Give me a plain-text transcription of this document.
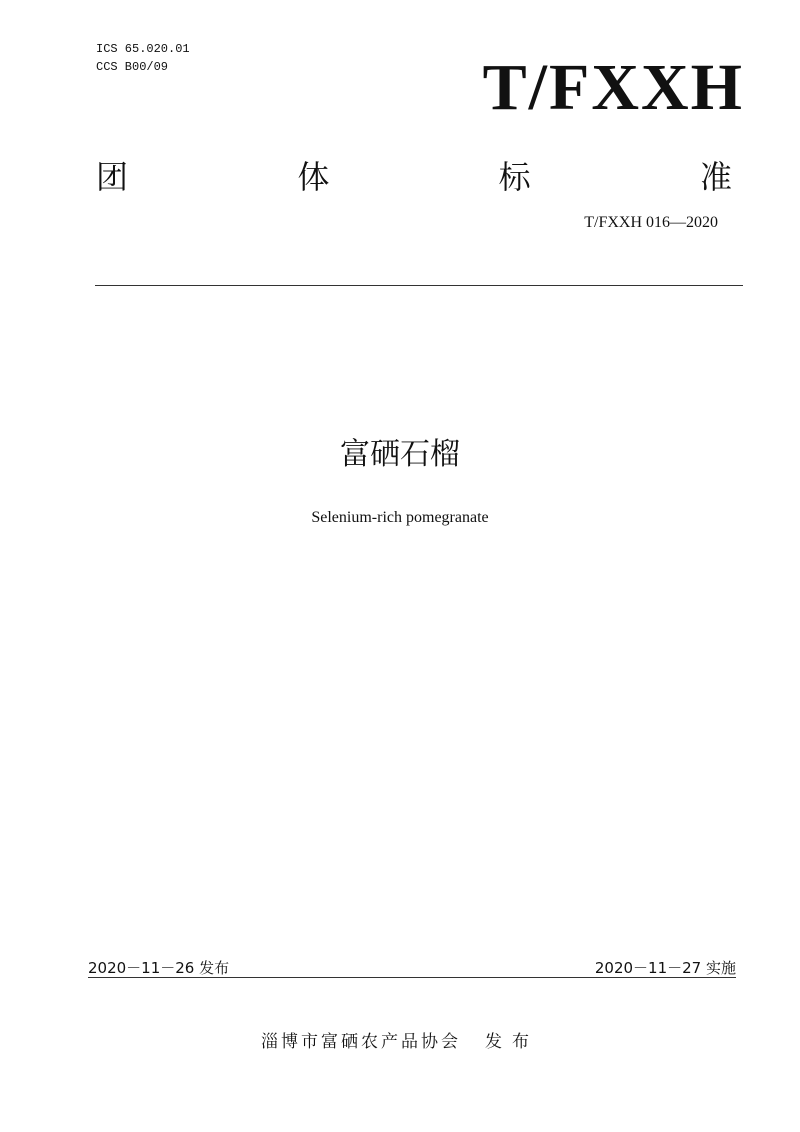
ICS 65.020.01
CCS B00/09	T/FXXH
团	体	标	准
T/FXXH 016—2020
富硒石榴
Selenium-rich pomegranate
2020－11－26 发布	2020－11－27 实施
淄博市富硒农产品协会 发布
